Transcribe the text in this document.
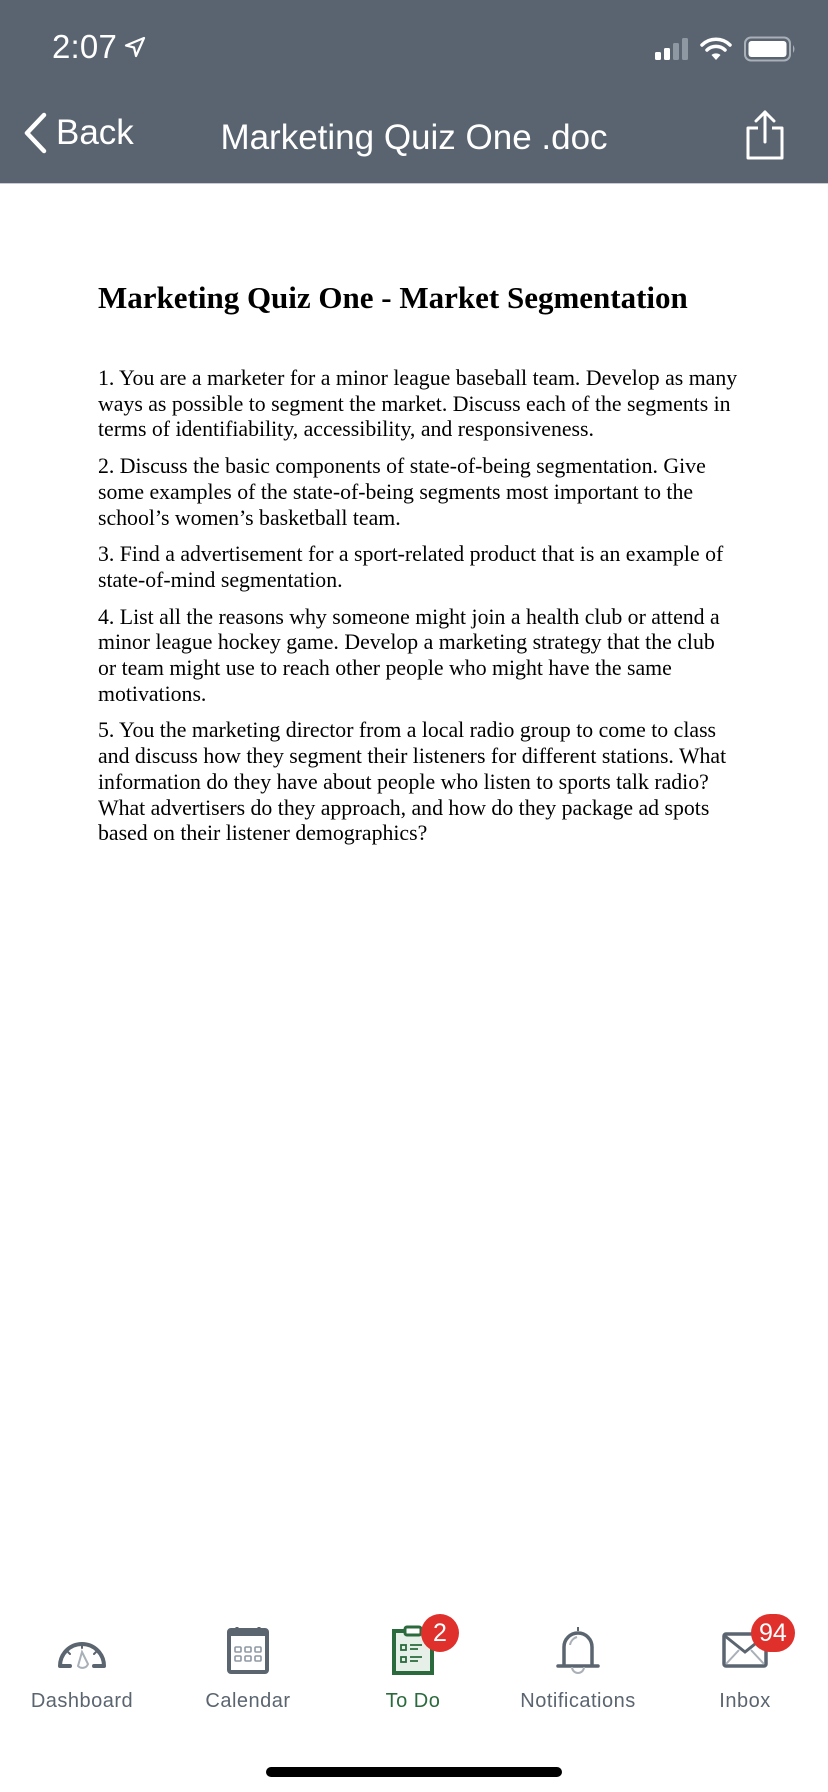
2:07
Back	Marketing Quiz One .doc
Marketing Quiz One - Market Segmentation

1. You are a marketer for a minor league baseball team. Develop as many ways as possible to segment the market. Discuss each of the segments in terms of identifiability, accessibility, and responsiveness.

2. Discuss the basic components of state-of-being segmentation. Give some examples of the state-of-being segments most important to the school’s women’s basketball team.

3. Find a advertisement for a sport-related product that is an example of state-of-mind segmentation.

4. List all the reasons why someone might join a health club or attend a minor league hockey game. Develop a marketing strategy that the club or team might use to reach other people who might have the same motivations.

5. You the marketing director from a local radio group to come to class and discuss how they segment their listeners for different stations. What information do they have about people who listen to sports talk radio? What advertisers do they approach, and how do they package ad spots based on their listener demographics?

Dashboard	Calendar
2
To Do	Notifications
94
Inbox
